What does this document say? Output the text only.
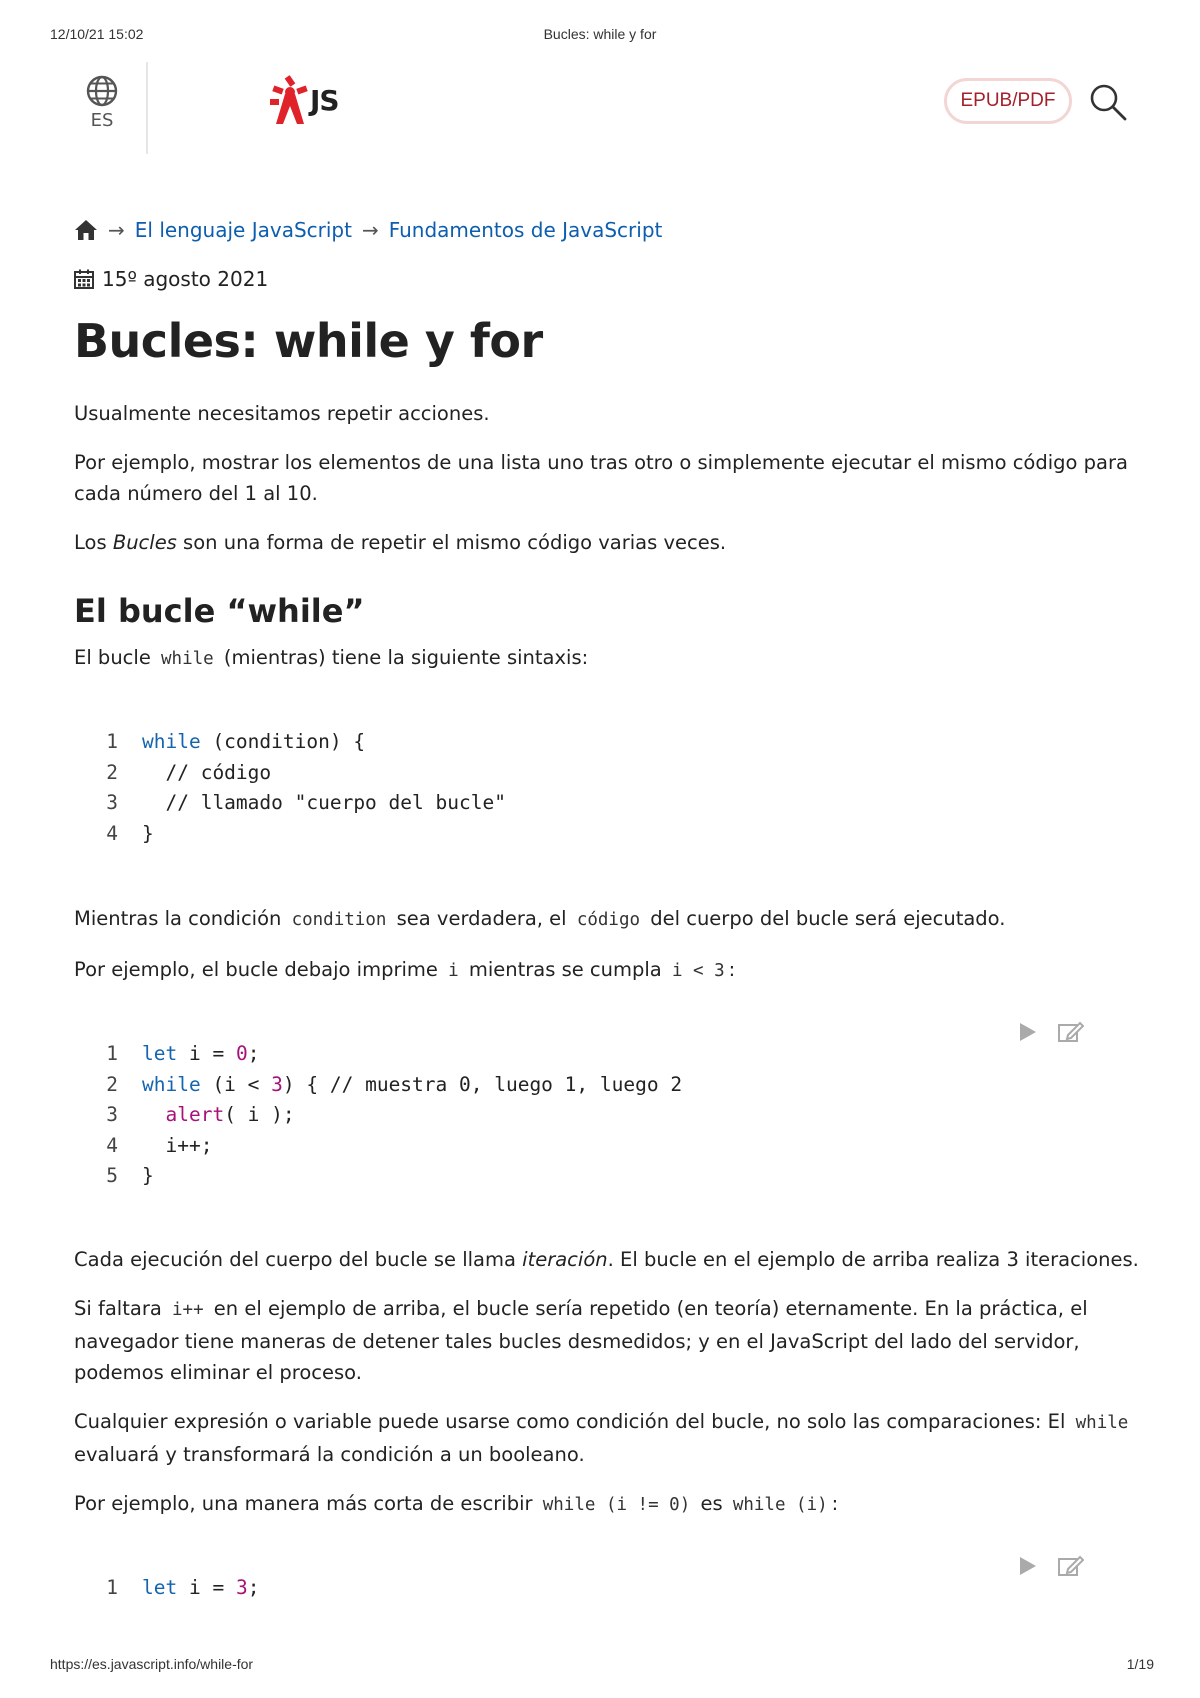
12/10/21 15:02	Bucles: while y for
ES
JS	EPUB/PDF
→ El lenguaje JavaScript → Fundamentos de JavaScript
15º agosto 2021
Bucles: while y for

Usualmente necesitamos repetir acciones.

Por ejemplo, mostrar los elementos de una lista uno tras otro o simplemente ejecutar el mismo código para cada número del 1 al 10.

Los Bucles son una forma de repetir el mismo código varias veces.

El bucle “while”

El bucle while (mientras) tiene la siguiente sintaxis:

1 while (condition) {
2  // código
3  // llamado "cuerpo del bucle"
4 }

Mientras la condición condition sea verdadera, el código del cuerpo del bucle será ejecutado.

Por ejemplo, el bucle debajo imprime i mientras se cumpla i < 3 :

1 let i = 0;
2 while (i < 3) { // muestra 0, luego 1, luego 2
3 alert( i );
4  i++;
5 }

Cada ejecución del cuerpo del bucle se llama iteración. El bucle en el ejemplo de arriba realiza 3 iteraciones.

Si faltara i++ en el ejemplo de arriba, el bucle sería repetido (en teoría) eternamente. En la práctica, el navegador tiene maneras de detener tales bucles desmedidos; y en el JavaScript del lado del servidor, podemos eliminar el proceso.

Cualquier expresión o variable puede usarse como condición del bucle, no solo las comparaciones: El while evaluará y transformará la condición a un booleano.

Por ejemplo, una manera más corta de escribir while (i != 0) es while (i) :

1 let i = 3;
https://es.javascript.info/while-for	1/19
